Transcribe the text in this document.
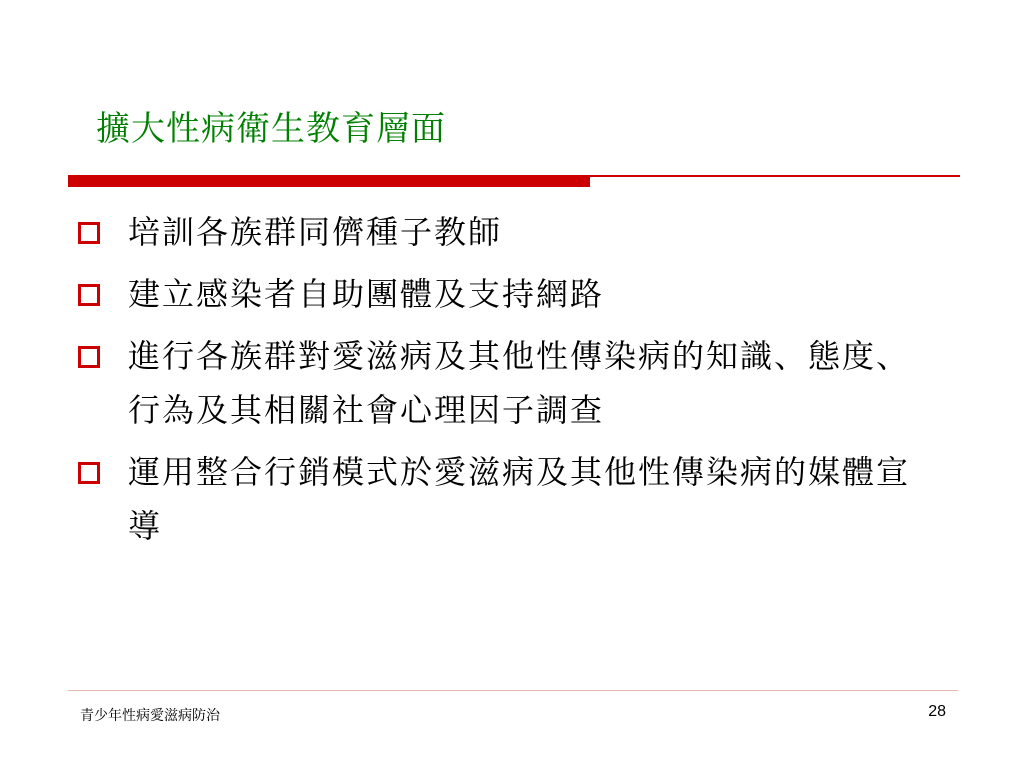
擴大性病衛生教育層面
培訓各族群同儕種子教師
建立感染者自助團體及支持網路
進行各族群對愛滋病及其他性傳染病的知識、態度、行為及其相關社會心理因子調查
運用整合行銷模式於愛滋病及其他性傳染病的媒體宣導
青少年性病愛滋病防治	28
